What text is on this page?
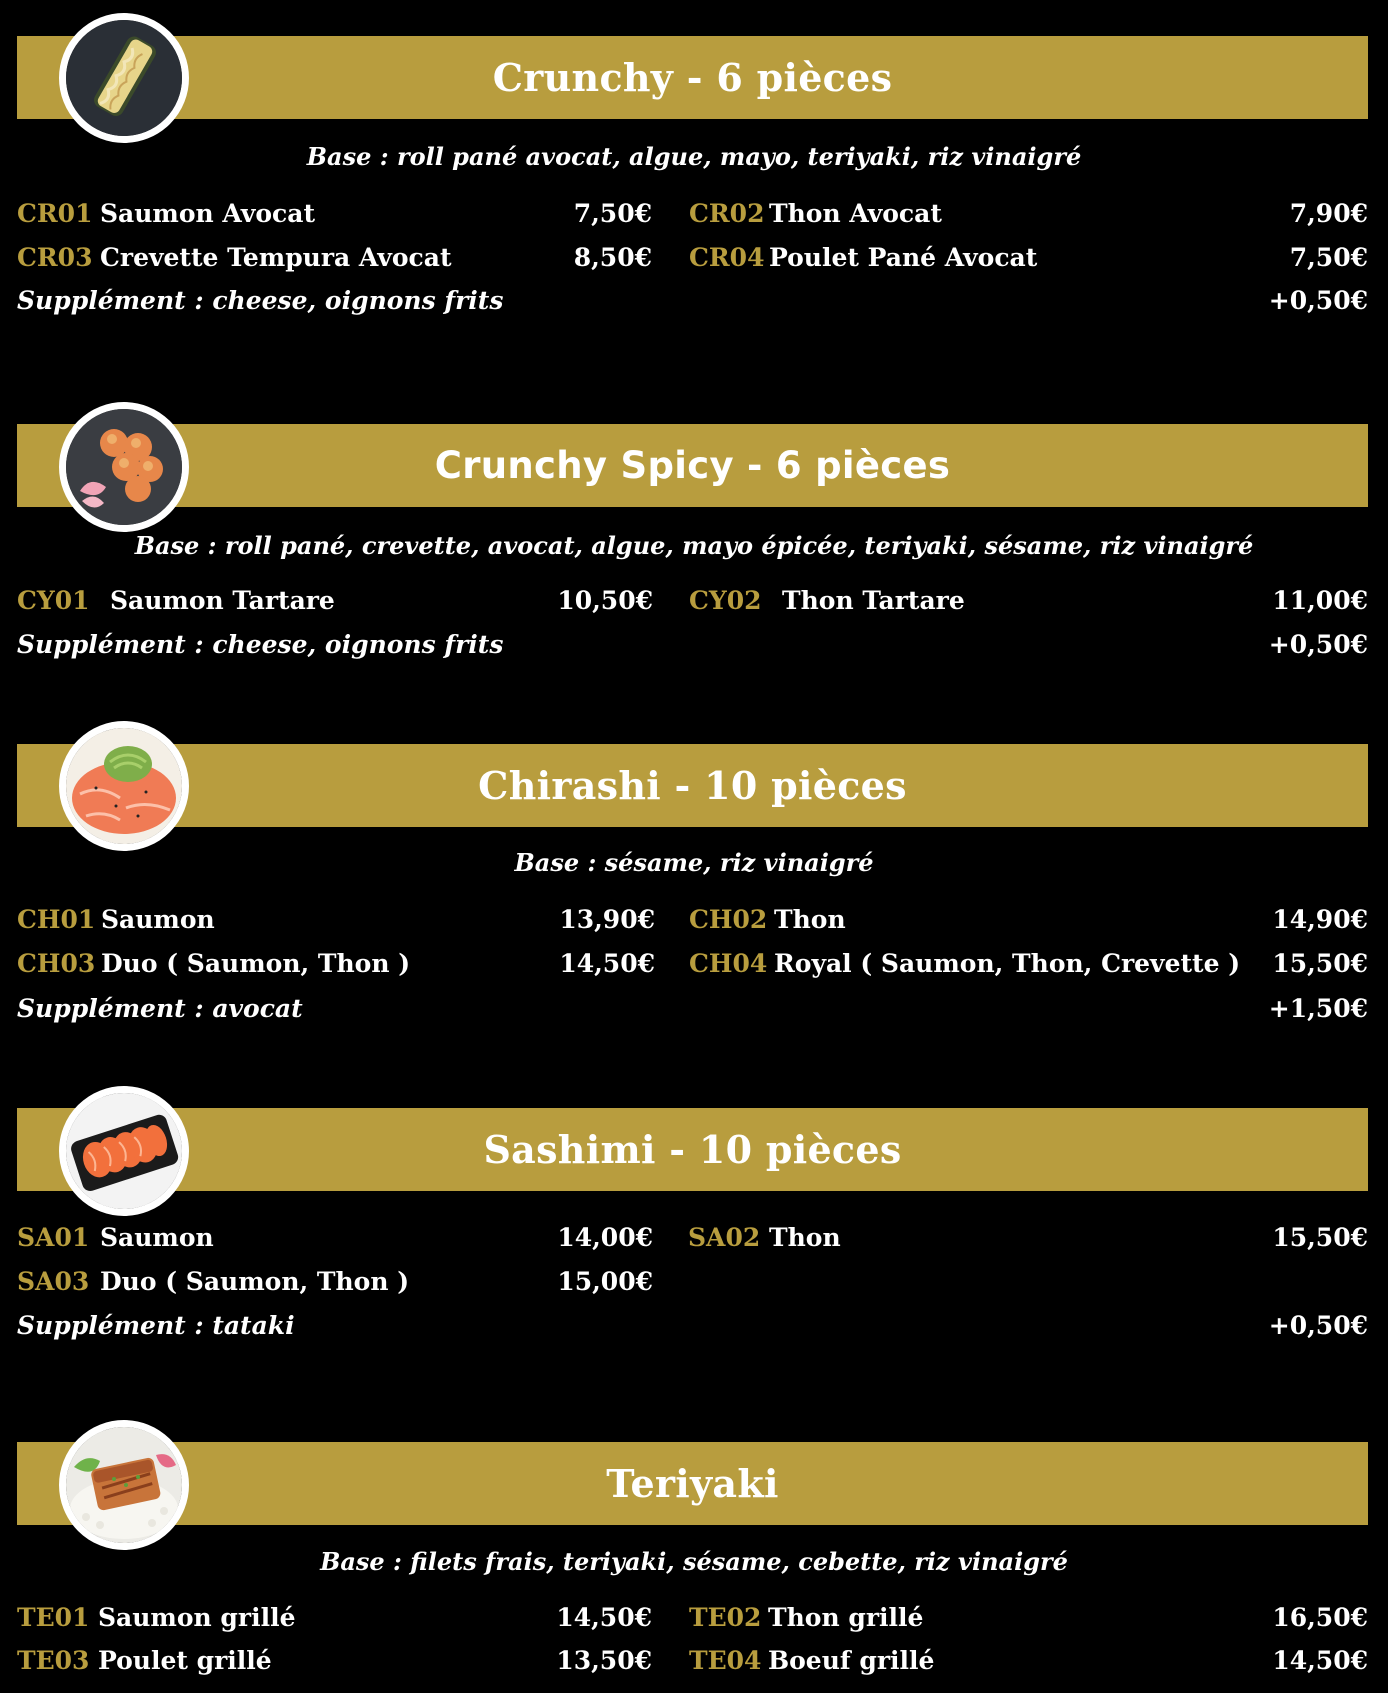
Crunchy - 6 pièces
Base : roll pané avocat, algue, mayo, teriyaki, riz vinaigré
CR01 Saumon Avocat	7,50€ CR02 Thon Avocat	7,90€
CR03 Crevette Tempura Avocat	8,50€ CR04 Poulet Pané Avocat	7,50€
Supplément : cheese, oignons frits	+0,50€
Crunchy Spicy - 6 pièces
Base : roll pané, crevette, avocat, algue, mayo épicée, teriyaki, sésame, riz vinaigré
CY01 Saumon Tartare	10,50€ CY02 Thon Tartare	11,00€
Supplément : cheese, oignons frits	+0,50€
Chirashi - 10 pièces
Base : sésame, riz vinaigré
CH01 Saumon	13,90€ CH02 Thon	14,90€
CH03 Duo ( Saumon, Thon )	14,50€ CH04 Royal ( Saumon, Thon, Crevette )	15,50€
Supplément : avocat	+1,50€
Sashimi - 10 pièces
SA01 Saumon	14,00€ SA02 Thon	15,50€
SA03 Duo ( Saumon, Thon )	15,00€
Supplément : tataki	+0,50€
Teriyaki
Base : filets frais, teriyaki, sésame, cebette, riz vinaigré
TE01 Saumon grillé	14,50€ TE02 Thon grillé	16,50€
TE03 Poulet grillé	13,50€ TE04 Boeuf grillé	14,50€
